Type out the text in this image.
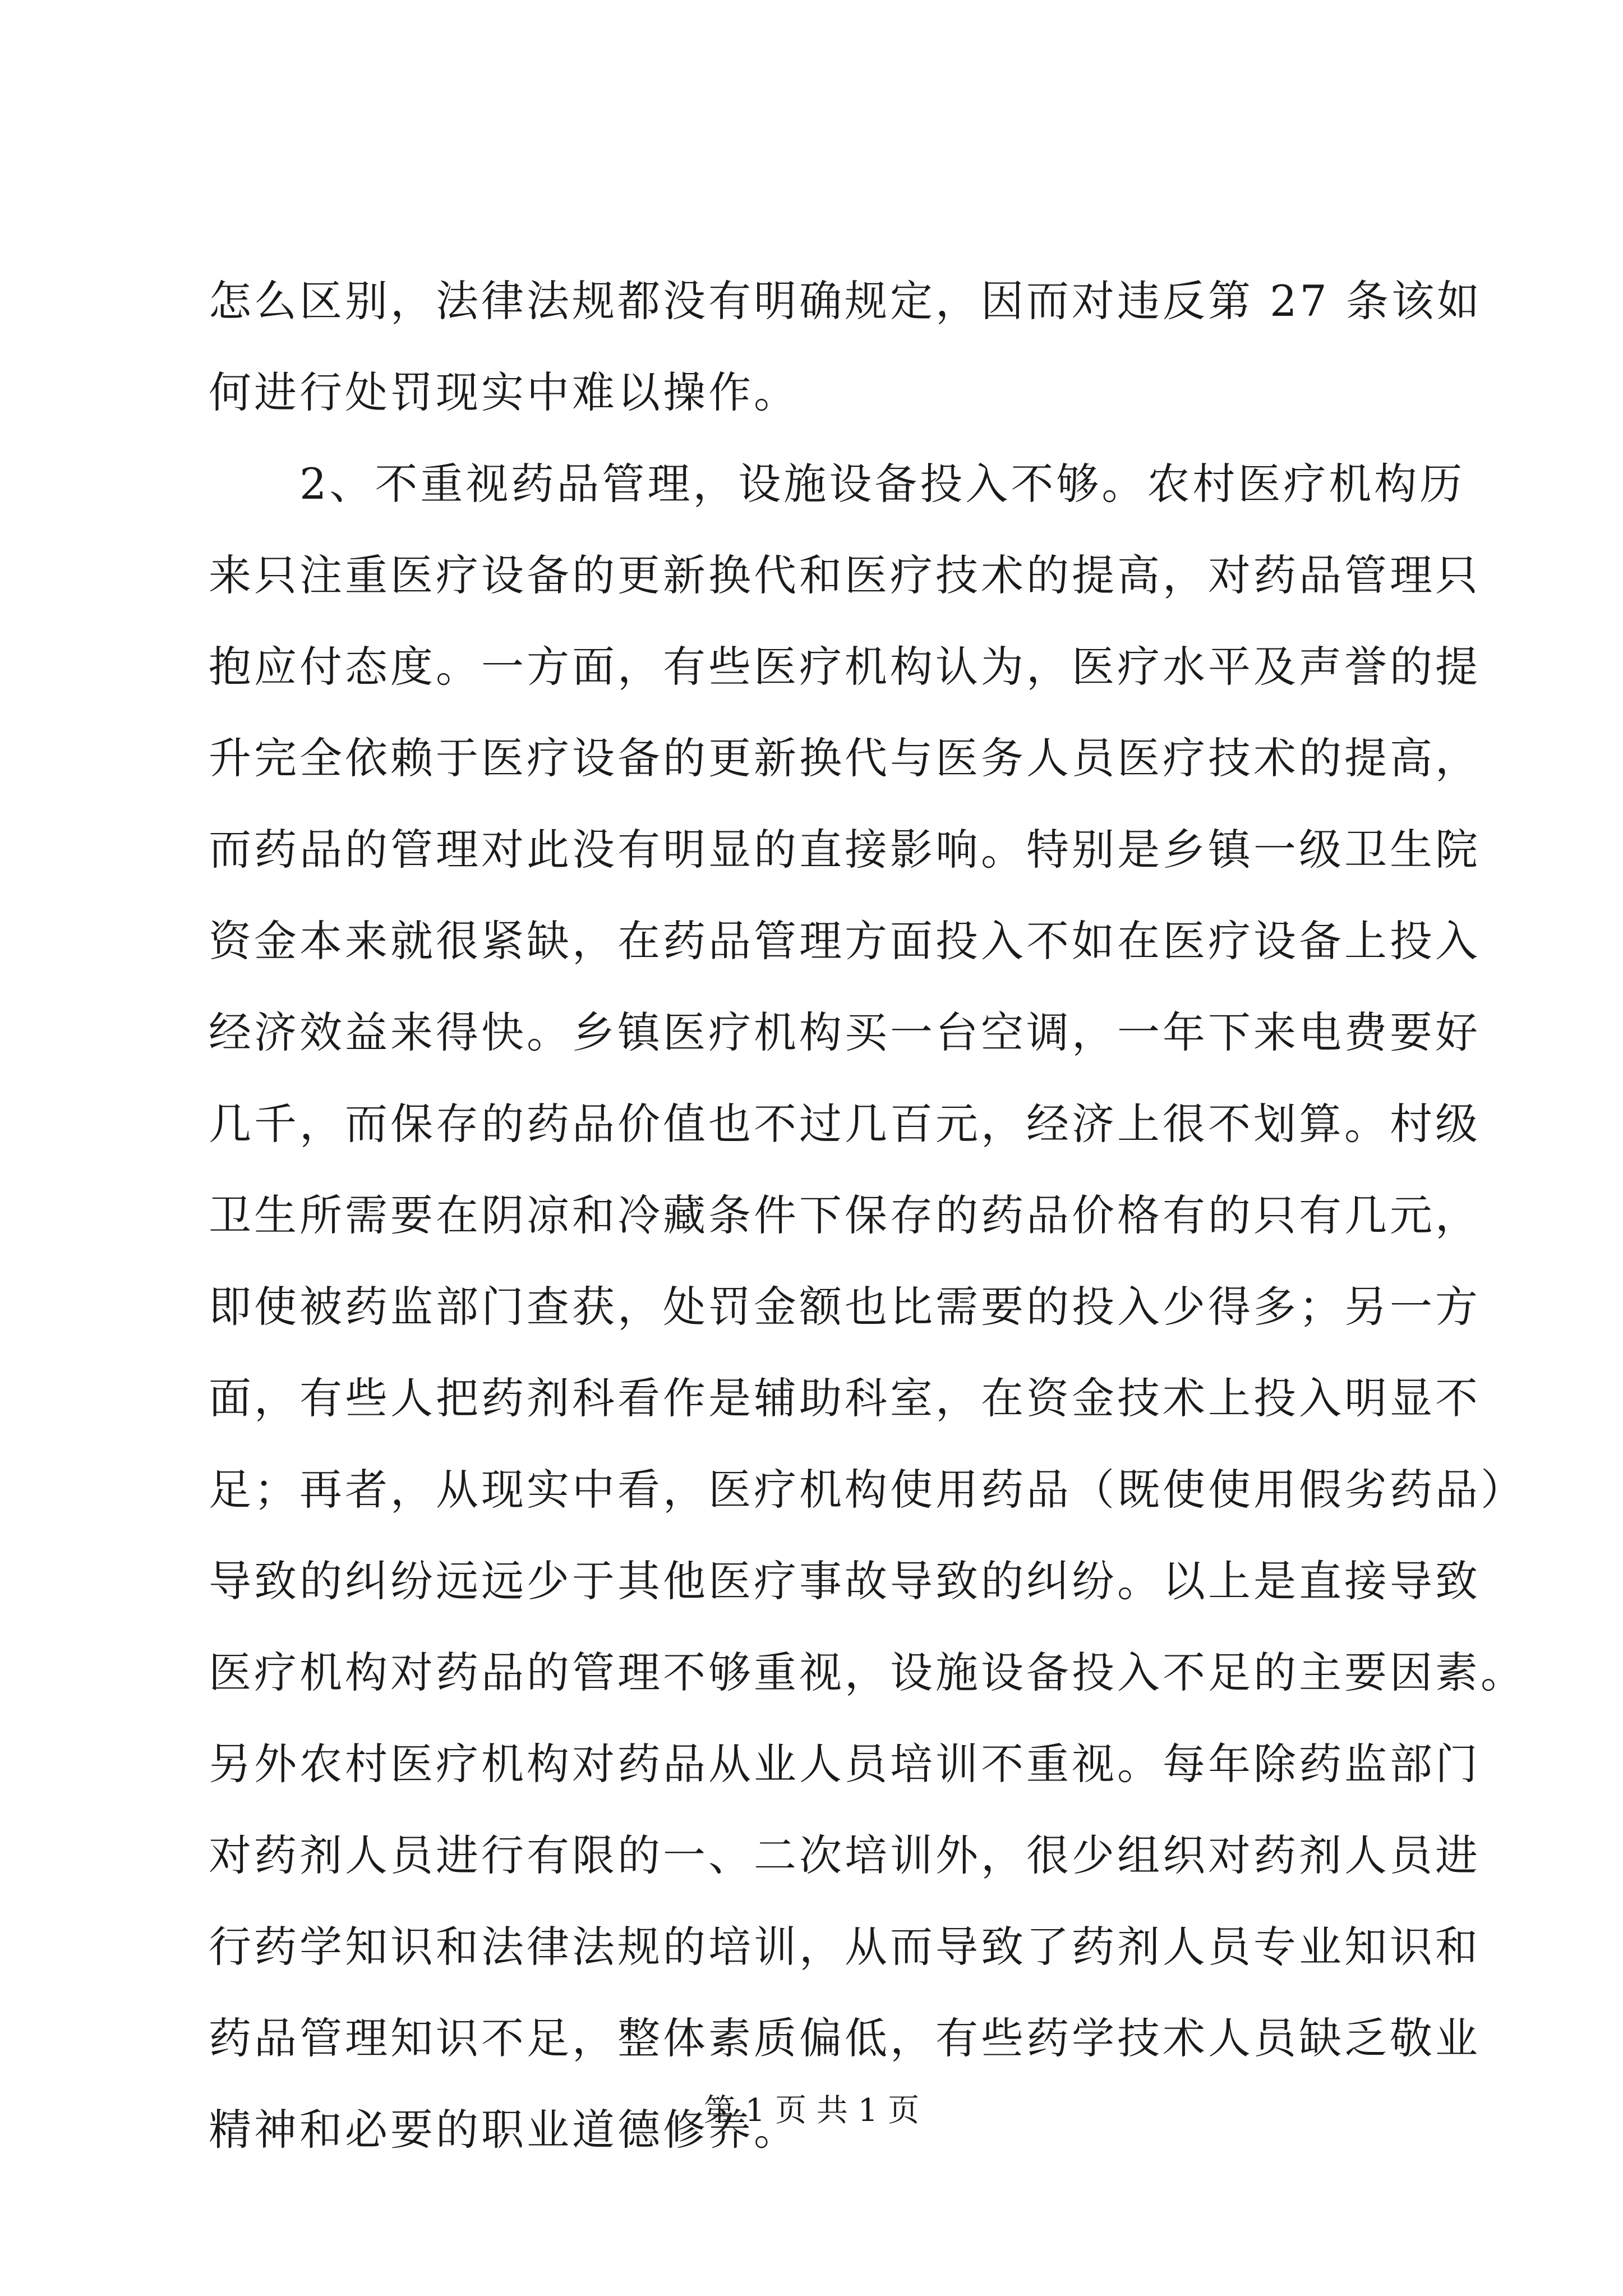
怎么区别，法律法规都没有明确规定，因而对违反第 27 条该如
何进行处罚现实中难以操作。
　　2、不重视药品管理，设施设备投入不够。农村医疗机构历
来只注重医疗设备的更新换代和医疗技术的提高，对药品管理只
抱应付态度。一方面，有些医疗机构认为，医疗水平及声誉的提
升完全依赖于医疗设备的更新换代与医务人员医疗技术的提高，
而药品的管理对此没有明显的直接影响。特别是乡镇一级卫生院
资金本来就很紧缺，在药品管理方面投入不如在医疗设备上投入
经济效益来得快。乡镇医疗机构买一台空调，一年下来电费要好
几千，而保存的药品价值也不过几百元，经济上很不划算。村级
卫生所需要在阴凉和冷藏条件下保存的药品价格有的只有几元，
即使被药监部门查获，处罚金额也比需要的投入少得多；另一方
面，有些人把药剂科看作是辅助科室，在资金技术上投入明显不
足；再者，从现实中看，医疗机构使用药品（既使使用假劣药品）
导致的纠纷远远少于其他医疗事故导致的纠纷。以上是直接导致
医疗机构对药品的管理不够重视，设施设备投入不足的主要因素。
另外农村医疗机构对药品从业人员培训不重视。每年除药监部门
对药剂人员进行有限的一、二次培训外，很少组织对药剂人员进
行药学知识和法律法规的培训，从而导致了药剂人员专业知识和
药品管理知识不足，整体素质偏低，有些药学技术人员缺乏敬业
精神和必要的职业道德修养。
第 1 页 共 1 页
